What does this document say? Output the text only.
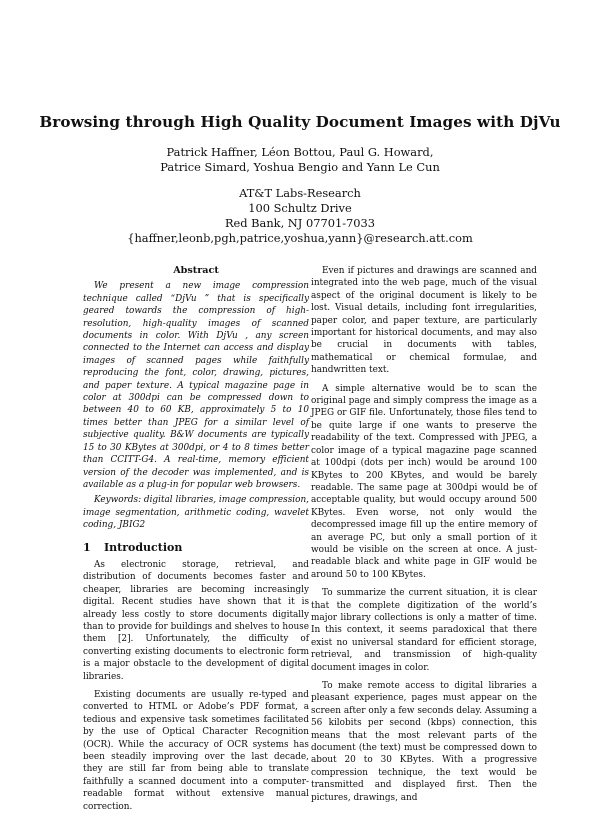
Browsing through High Quality Document Images with DjVu
Patrick Haffner, Léon Bottou, Paul G. Howard,
Patrice Simard, Yoshua Bengio and Yann Le Cun
AT&T Labs-Research
100 Schultz Drive
Red Bank, NJ 07701-7033
{haffner,leonb,pgh,patrice,yoshua,yann}@research.att.com
Abstract

We present a new image compression technique called “DjVu ” that is specifically geared towards the compression of high-resolution, high-quality images of scanned documents in color. With DjVu , any screen connected to the Internet can access and display images of scanned pages while faithfully reproducing the font, color, drawing, pictures, and paper texture. A typical magazine page in color at 300dpi can be compressed down to between 40 to 60 KB, approximately 5 to 10 times better than JPEG for a similar level of subjective quality. B&W documents are typically 15 to 30 KBytes at 300dpi, or 4 to 8 times better than CCITT-G4. A real-time, memory efficient version of the decoder was implemented, and is available as a plug-in for popular web browsers.

Keywords: digital libraries, image compression, image segmentation, arithmetic coding, wavelet coding, JBIG2

1 Introduction

As electronic storage, retrieval, and distribution of documents becomes faster and cheaper, libraries are becoming increasingly digital. Recent studies have shown that it is already less costly to store documents digitally than to provide for buildings and shelves to house them [2]. Unfortunately, the difficulty of converting existing documents to electronic form is a major obstacle to the development of digital libraries.

Existing documents are usually re-typed and converted to HTML or Adobe’s PDF format, a tedious and expensive task sometimes facilitated by the use of Optical Character Recognition (OCR). While the accuracy of OCR systems has been steadily improving over the last decade, they are still far from being able to translate faithfully a scanned document into a computer-readable format without extensive manual correction.

Even if pictures and drawings are scanned and integrated into the web page, much of the visual aspect of the original document is likely to be lost. Visual details, including font irregularities, paper color, and paper texture, are particularly important for historical documents, and may also be crucial in documents with tables, mathematical or chemical formulae, and handwritten text.

A simple alternative would be to scan the original page and simply compress the image as a JPEG or GIF file. Unfortunately, those files tend to be quite large if one wants to preserve the readability of the text. Compressed with JPEG, a color image of a typical magazine page scanned at 100dpi (dots per inch) would be around 100 KBytes to 200 KBytes, and would be barely readable. The same page at 300dpi would be of acceptable quality, but would occupy around 500 KBytes. Even worse, not only would the decompressed image fill up the entire memory of an average PC, but only a small portion of it would be visible on the screen at once. A just-readable black and white page in GIF would be around 50 to 100 KBytes.

To summarize the current situation, it is clear that the complete digitization of the world’s major library collections is only a matter of time. In this context, it seems paradoxical that there exist no universal standard for efficient storage, retrieval, and transmission of high-quality document images in color.

To make remote access to digital libraries a pleasant experience, pages must appear on the screen after only a few seconds delay. Assuming a 56 kilobits per second (kbps) connection, this means that the most relevant parts of the document (the text) must be compressed down to about 20 to 30 KBytes. With a progressive compression technique, the text would be transmitted and displayed first. Then the pictures, drawings, and
